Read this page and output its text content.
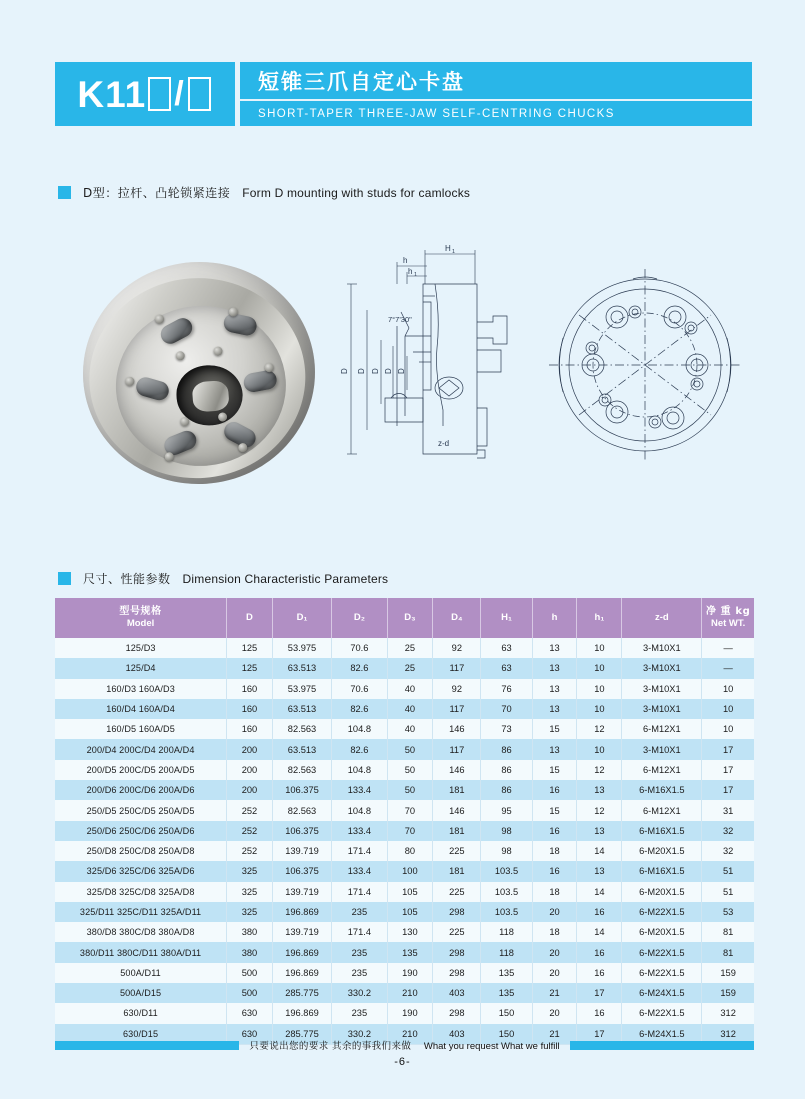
K11 /	短锥三爪自定心卡盘
SHORT-TAPER THREE-JAW SELF-CENTRING CHUCKS
D型：拉杆、凸轮锁紧连接 Form D mounting with studs for camlocks
H 1
h
h 1
7°7'30"
D D D D D
z-d
尺寸、性能参数 Dimension Characteristic Parameters
型号规格
Model	D	D₁	D₂	D₃	D₄	H₁	h	h₁	z-d	净 重 kg
Net WT.

125/D3	125	53.975	70.6	25	92	63	13	10	3-M10X1	—
125/D4	125	63.513	82.6	25	117	63	13	10	3-M10X1	—
160/D3 160A/D3	160	53.975	70.6	40	92	76	13	10	3-M10X1	10
160/D4 160A/D4	160	63.513	82.6	40	117	70	13	10	3-M10X1	10
160/D5 160A/D5	160	82.563	104.8	40	146	73	15	12	6-M12X1	10
200/D4 200C/D4 200A/D4	200	63.513	82.6	50	117	86	13	10	3-M10X1	17
200/D5 200C/D5 200A/D5	200	82.563	104.8	50	146	86	15	12	6-M12X1	17
200/D6 200C/D6 200A/D6	200	106.375	133.4	50	181	86	16	13	6-M16X1.5	17
250/D5 250C/D5 250A/D5	252	82.563	104.8	70	146	95	15	12	6-M12X1	31
250/D6 250C/D6 250A/D6	252	106.375	133.4	70	181	98	16	13	6-M16X1.5	32
250/D8 250C/D8 250A/D8	252	139.719	171.4	80	225	98	18	14	6-M20X1.5	32
325/D6 325C/D6 325A/D6	325	106.375	133.4	100	181	103.5	16	13	6-M16X1.5	51
325/D8 325C/D8 325A/D8	325	139.719	171.4	105	225	103.5	18	14	6-M20X1.5	51
325/D11 325C/D11 325A/D11	325	196.869	235	105	298	103.5	20	16	6-M22X1.5	53
380/D8 380C/D8 380A/D8	380	139.719	171.4	130	225	118	18	14	6-M20X1.5	81
380/D11 380C/D11 380A/D11	380	196.869	235	135	298	118	20	16	6-M22X1.5	81
500A/D11	500	196.869	235	190	298	135	20	16	6-M22X1.5	159
500A/D15	500	285.775	330.2	210	403	135	21	17	6-M24X1.5	159
630/D11	630	196.869	235	190	298	150	20	16	6-M22X1.5	312
630/D15	630	285.775	330.2	210	403	150	21	17	6-M24X1.5	312
只要说出您的要求 其余的事我们来做 What you request What we fulfill
-6-
